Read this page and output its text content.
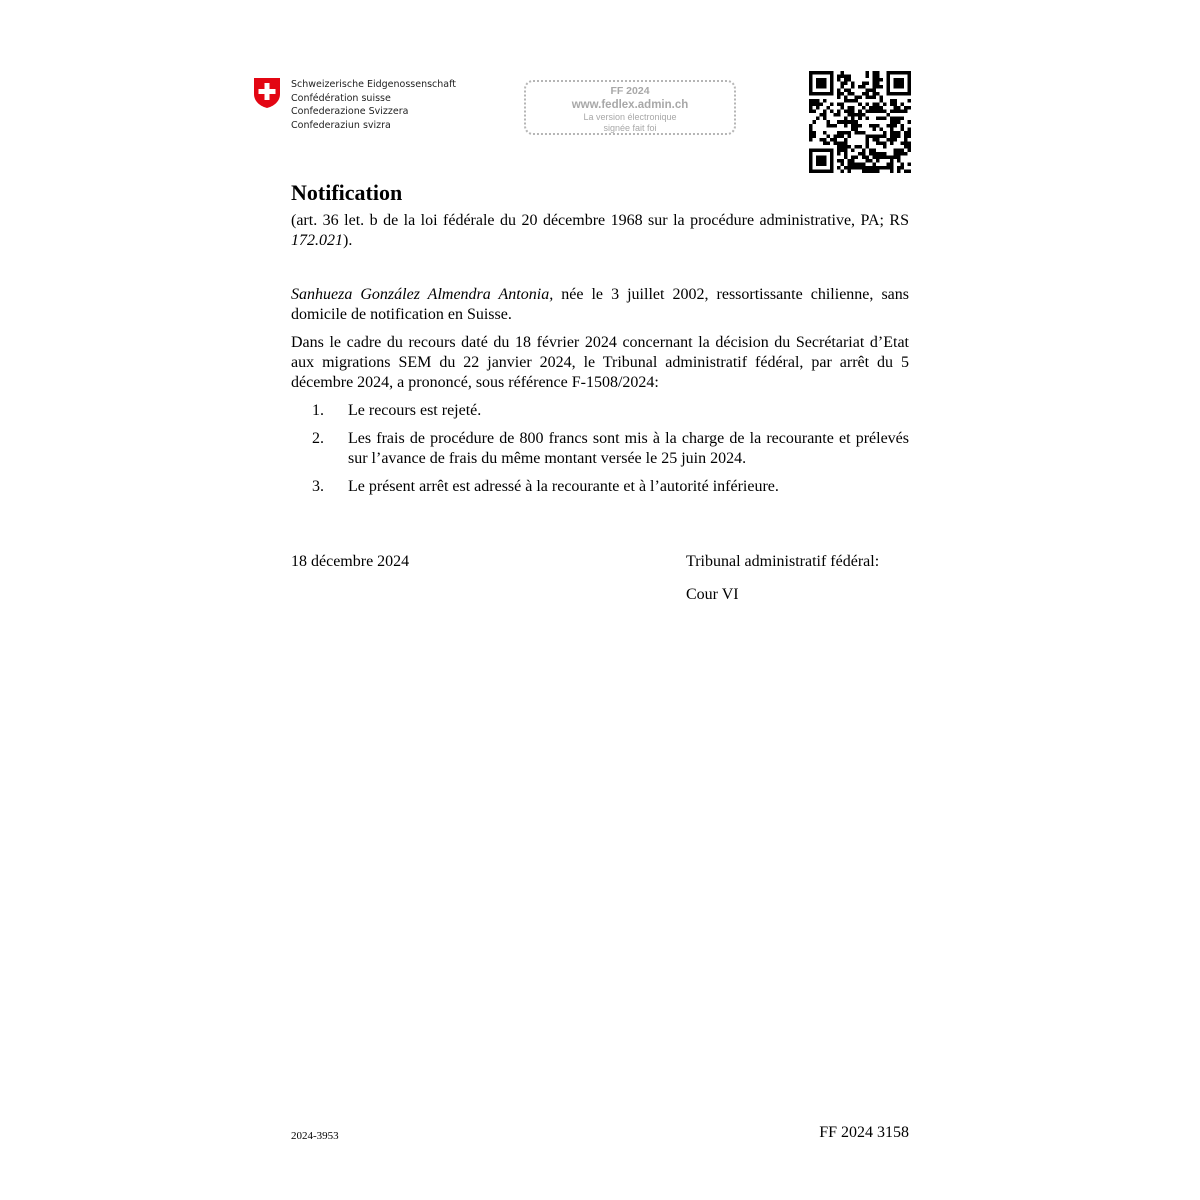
Schweizerische Eidgenossenschaft
Confédération suisse
Confederazione Svizzera
Confederaziun svizra
FF 2024
www.fedlex.admin.ch
La version électronique
signée fait foi
Notification

(art. 36 let. b de la loi fédérale du 20 décembre 1968 sur la procédure administrative, PA; RS 172.021).

Sanhueza González Almendra Antonia, née le 3 juillet 2002, ressortissante chilienne, sans domicile de notification en Suisse.

Dans le cadre du recours daté du 18 février 2024 concernant la décision du Secrétariat d’Etat aux migrations SEM du 22 janvier 2024, le Tribunal administratif fédéral, par arrêt du 5 décembre 2024, a prononcé, sous référence F-1508/2024:

1.	Le recours est rejeté.
2.	Les frais de procédure de 800 francs sont mis à la charge de la recourante et prélevés sur l’avance de frais du même montant versée le 25 juin 2024.
3.	Le présent arrêt est adressé à la recourante et à l’autorité inférieure.
18 décembre 2024	Tribunal administratif fédéral:
Cour VI
2024-3953	FF 2024 3158
